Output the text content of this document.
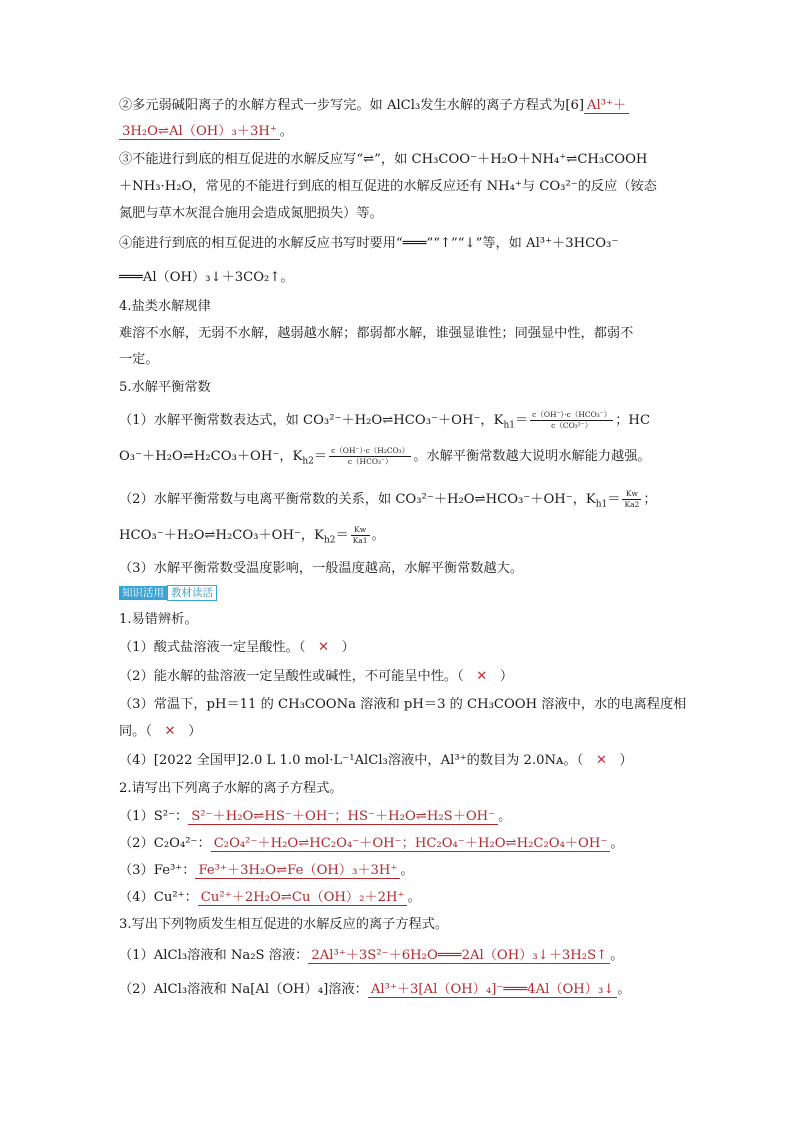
②多元弱碱阳离子的水解方程式一步写完。如 AlCl₃发生水解的离子方程式为[6] Al³⁺＋
3H₂O⇌Al（OH）₃＋3H⁺ 。
③不能进行到底的相互促进的水解反应写“⇌”，如 CH₃COO⁻＋H₂O＋NH₄⁺⇌CH₃COOH
＋NH₃·H₂O，常见的不能进行到底的相互促进的水解反应还有 NH₄⁺与 CO₃²⁻的反应（铵态
氮肥与草木灰混合施用会造成氮肥损失）等。
④能进行到底的相互促进的水解反应书写时要用“═══”“↑”“↓”等，如 Al³⁺＋3HCO₃⁻
═══Al（OH）₃↓＋3CO₂↑。
4.盐类水解规律
难溶不水解，无弱不水解，越弱越水解；都弱都水解，谁强显谁性；同强显中性，都弱不
一定。
5.水解平衡常数
（1）水解平衡常数表达式，如 CO₃²⁻＋H₂O⇌HCO₃⁻＋OH⁻，$K_{h1}= \frac{\text{c（OH⁻）·c（HCO₃⁻）}}{\text{c（CO₃²⁻）}}$ ；HC
O₃⁻＋H₂O⇌H₂CO₃＋OH⁻，$K_{h2}= \frac{\text{c（OH⁻）·c（H₂CO₃）}}{\text{c（HCO₃⁻）}}$ 。水解平衡常数越大说明水解能力越强。
（2）水解平衡常数与电离平衡常数的关系，如 CO₃²⁻＋H₂O⇌HCO₃⁻＋OH⁻，$K_{h1}= \frac{Kw}{Ka2}$ ；
HCO₃⁻＋H₂O⇌H₂CO₃＋OH⁻，$K_{h2}= \frac{Kw}{Ka1}$ 。
（3）水解平衡常数受温度影响，一般温度越高，水解平衡常数越大。
知识活用 教材读活
1.易错辨析。
（1）酸式盐溶液一定呈酸性。（ ✕ ）
（2）能水解的盐溶液一定呈酸性或碱性，不可能呈中性。（ ✕ ）
（3）常温下，pH＝11 的 CH₃COONa 溶液和 pH＝3 的 CH₃COOH 溶液中，水的电离程度相
同。（ ✕ ）
（4）[2022 全国甲]2.0 L 1.0 mol·L⁻¹AlCl₃溶液中，Al³⁺的数目为 2.0Nᴀ。（ ✕ ）
2.请写出下列离子水解的离子方程式。
（1）S²⁻： S²⁻＋H₂O⇌HS⁻＋OH⁻；HS⁻＋H₂O⇌H₂S＋OH⁻ 。
（2）C₂O₄²⁻： C₂O₄²⁻＋H₂O⇌HC₂O₄⁻＋OH⁻；HC₂O₄⁻＋H₂O⇌H₂C₂O₄＋OH⁻ 。
（3）Fe³⁺： Fe³⁺＋3H₂O⇌Fe（OH）₃＋3H⁺ 。
（4）Cu²⁺： Cu²⁺＋2H₂O⇌Cu（OH）₂＋2H⁺ 。
3.写出下列物质发生相互促进的水解反应的离子方程式。
（1）AlCl₃溶液和 Na₂S 溶液： 2Al³⁺＋3S²⁻＋6H₂O═══2Al（OH）₃↓＋3H₂S↑ 。
（2）AlCl₃溶液和 Na[Al（OH）₄]溶液： Al³⁺＋3[Al（OH）₄]⁻═══4Al（OH）₃↓ 。
